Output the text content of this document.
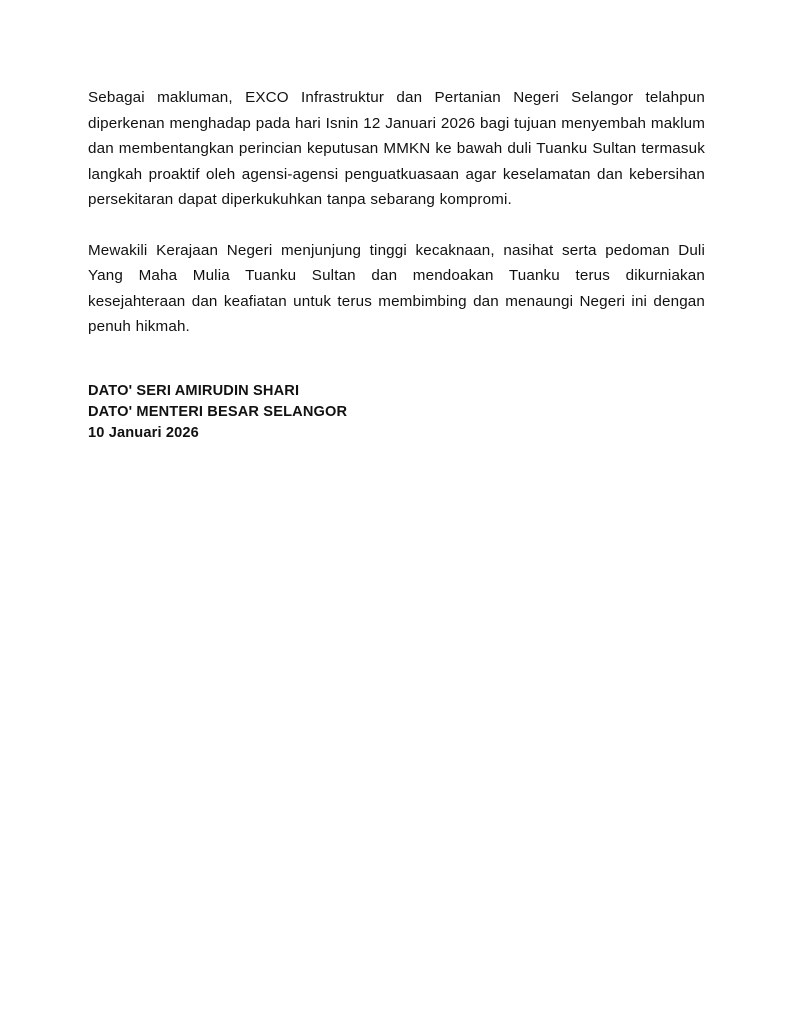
Sebagai makluman, EXCO Infrastruktur dan Pertanian Negeri Selangor telahpun diperkenan menghadap pada hari Isnin 12 Januari 2026 bagi tujuan menyembah maklum dan membentangkan perincian keputusan MMKN ke bawah duli Tuanku Sultan termasuk langkah proaktif oleh agensi-agensi penguatkuasaan agar keselamatan dan kebersihan persekitaran dapat diperkukuhkan tanpa sebarang kompromi.

Mewakili Kerajaan Negeri menjunjung tinggi kecaknaan, nasihat serta pedoman Duli Yang Maha Mulia Tuanku Sultan dan mendoakan Tuanku terus dikurniakan kesejahteraan dan keafiatan untuk terus membimbing dan menaungi Negeri ini dengan penuh hikmah.

DATO' SERI AMIRUDIN SHARI
DATO' MENTERI BESAR SELANGOR
10 Januari 2026
